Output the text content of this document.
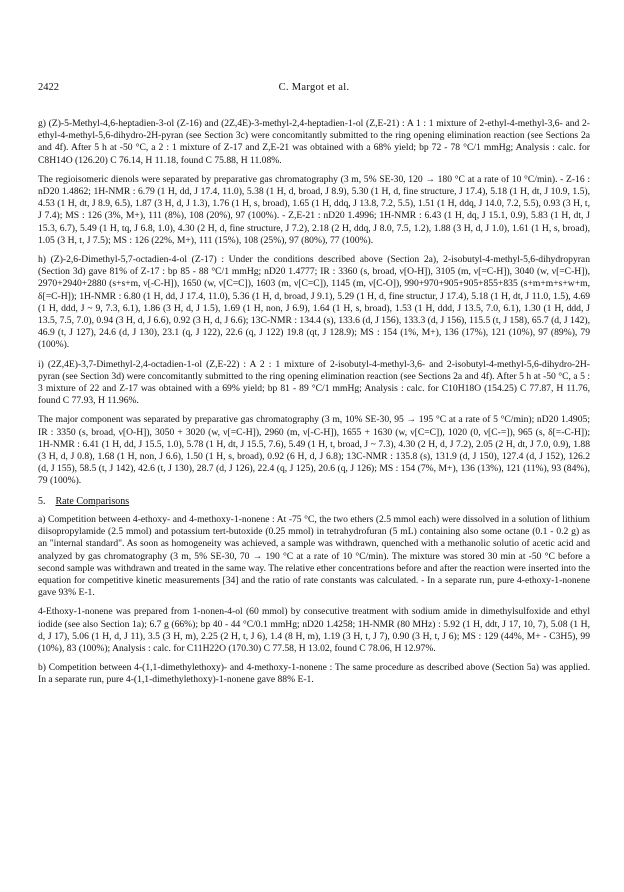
2422	C. Margot et al.

g) (Z)-5-Methyl-4,6-heptadien-3-ol (Z-16) and (2Z,4E)-3-methyl-2,4-heptadien-1-ol (Z,E-21) : A 1 : 1 mixture of 2-ethyl-4-methyl-3,6- and 2-ethyl-4-methyl-5,6-dihydro-2H-pyran (see Section 3c) were concomitantly submitted to the ring opening elimination reaction (see Sections 2a and 4f). After 5 h at -50 °C, a 2 : 1 mixture of Z-17 and Z,E-21 was obtained with a 68% yield; bp 72 - 78 °C/1 mmHg; Analysis : calc. for C8H14O (126.20) C 76.14, H 11.18, found C 75.88, H 11.08%.

The regioisomeric dienols were separated by preparative gas chromatography (3 m, 5% SE-30, 120 → 180 °C at a rate of 10 °C/min). - Z-16 : nD20 1.4862; 1H-NMR : 6.79 (1 H, dd, J 17.4, 11.0), 5.38 (1 H, d, broad, J 8.9), 5.30 (1 H, d, fine structure, J 17.4), 5.18 (1 H, dt, J 10.9, 1.5), 4.53 (1 H, dt, J 8.9, 6.5), 1.87 (3 H, d, J 1.3), 1.76 (1 H, s, broad), 1.65 (1 H, ddq, J 13.8, 7.2, 5.5), 1.51 (1 H, ddq, J 14.0, 7.2, 5.5), 0.93 (3 H, t, J 7.4); MS : 126 (3%, M+), 111 (8%), 108 (20%), 97 (100%). - Z,E-21 : nD20 1.4996; 1H-NMR : 6.43 (1 H, dq, J 15.1, 0.9), 5.83 (1 H, dt, J 15.3, 6.7), 5.49 (1 H, tq, J 6.8, 1.0), 4.30 (2 H, d, fine structure, J 7.2), 2.18 (2 H, ddq, J 8.0, 7.5, 1.2), 1.88 (3 H, d, J 1.0), 1.61 (1 H, s, broad), 1.05 (3 H, t, J 7.5); MS : 126 (22%, M+), 111 (15%), 108 (25%), 97 (80%), 77 (100%).

h) (Z)-2,6-Dimethyl-5,7-octadien-4-ol (Z-17) : Under the conditions described above (Section 2a), 2-isobutyl-4-methyl-5,6-dihydropyran (Section 3d) gave 81% of Z-17 : bp 85 - 88 °C/1 mmHg; nD20 1.4777; IR : 3360 (s, broad, ν[O-H]), 3105 (m, ν[=C-H]), 3040 (w, ν[=C-H]), 2970+2940+2880 (s+s+m, ν[-C-H]), 1650 (w, ν[C=C]), 1603 (m, ν[C=C]), 1145 (m, ν[C-O]), 990+970+905+905+855+835 (s+m+m+s+w+m, δ[=C-H]); 1H-NMR : 6.80 (1 H, dd, J 17.4, 11.0), 5.36 (1 H, d, broad, J 9.1), 5.29 (1 H, d, fine structur, J 17.4), 5.18 (1 H, dt, J 11.0, 1.5), 4.69 (1 H, ddd, J ~ 9, 7.3, 6.1), 1.86 (3 H, d, J 1.5), 1.69 (1 H, non, J 6.9), 1.64 (1 H, s, broad), 1.53 (1 H, ddd, J 13.5, 7.0, 6.1), 1.30 (1 H, ddd, J 13.5, 7.5, 7.0), 0.94 (3 H, d, J 6.6), 0.92 (3 H, d, J 6.6); 13C-NMR : 134.4 (s), 133.6 (d, J 156), 133.3 (d, J 156), 115.5 (t, J 158), 65.7 (d, J 142), 46.9 (t, J 127), 24.6 (d, J 130), 23.1 (q, J 122), 22.6 (q, J 122) 19.8 (qt, J 128.9); MS : 154 (1%, M+), 136 (17%), 121 (10%), 97 (89%), 79 (100%).

i) (2Z,4E)-3,7-Dimethyl-2,4-octadien-1-ol (Z,E-22) : A 2 : 1 mixture of 2-isobutyl-4-methyl-3,6- and 2-isobutyl-4-methyl-5,6-dihydro-2H-pyran (see Section 3d) were concomitantly submitted to the ring opening elimination reaction (see Sections 2a and 4f). After 5 h at -50 °C, a 5 : 3 mixture of 22 and Z-17 was obtained with a 69% yield; bp 81 - 89 °C/1 mmHg; Analysis : calc. for C10H18O (154.25) C 77.87, H 11.76, found C 77.93, H 11.96%.

The major component was separated by preparative gas chromatography (3 m, 10% SE-30, 95 → 195 °C at a rate of 5 °C/min); nD20 1.4905; IR : 3350 (s, broad, ν[O-H]), 3050 + 3020 (w, ν[=C-H]), 2960 (m, ν[-C-H]), 1655 + 1630 (w, ν[C=C]), 1020 (0, ν[C-=]), 965 (s, δ[=-C-H]); 1H-NMR : 6.41 (1 H, dd, J 15.5, 1.0), 5.78 (1 H, dt, J 15.5, 7.6), 5.49 (1 H, t, broad, J ~ 7.3), 4.30 (2 H, d, J 7.2), 2.05 (2 H, dt, J 7.0, 0.9), 1.88 (3 H, d, J 0.8), 1.68 (1 H, non, J 6.6), 1.50 (1 H, s, broad), 0.92 (6 H, d, J 6.8); 13C-NMR : 135.8 (s), 131.9 (d, J 150), 127.4 (d, J 152), 126.2 (d, J 155), 58.5 (t, J 142), 42.6 (t, J 130), 28.7 (d, J 126), 22.4 (q, J 125), 20.6 (q, J 126); MS : 154 (7%, M+), 136 (13%), 121 (11%), 93 (84%), 79 (100%).

5. Rate Comparisons

a) Competition between 4-ethoxy- and 4-methoxy-1-nonene : At -75 °C, the two ethers (2.5 mmol each) were dissolved in a solution of lithium diisopropylamide (2.5 mmol) and potassium tert-butoxide (0.25 mmol) in tetrahydrofuran (5 mL) containing also some octane (0.1 - 0.2 g) as an "internal standard". As soon as homogeneity was achieved, a sample was withdrawn, quenched with a methanolic solutio of acetic acid and analyzed by gas chromatography (3 m, 5% SE-30, 70 → 190 °C at a rate of 10 °C/min). The mixture was stored 30 min at -50 °C before a second sample was withdrawn and treated in the same way. The relative ether concentrations before and after the reaction were inserted into the equation for competitive kinetic measurements [34] and the ratio of rate constants was calculated. - In a separate run, pure 4-ethoxy-1-nonene gave 93% E-1.

4-Ethoxy-1-nonene was prepared from 1-nonen-4-ol (60 mmol) by consecutive treatment with sodium amide in dimethylsulfoxide and ethyl iodide (see also Section 1a); 6.7 g (66%); bp 40 - 44 °C/0.1 mmHg; nD20 1.4258; 1H-NMR (80 MHz) : 5.92 (1 H, ddt, J 17, 10, 7), 5.08 (1 H, d, J 17), 5.06 (1 H, d, J 11), 3.5 (3 H, m), 2.25 (2 H, t, J 6), 1.4 (8 H, m), 1.19 (3 H, t, J 7), 0.90 (3 H, t, J 6); MS : 129 (44%, M+ - C3H5), 99 (10%), 83 (100%); Analysis : calc. for C11H22O (170.30) C 77.58, H 13.02, found C 78.06, H 12.97%.

b) Competition between 4-(1,1-dimethylethoxy)- and 4-methoxy-1-nonene : The same procedure as described above (Section 5a) was applied. In a separate run, pure 4-(1,1-dimethylethoxy)-1-nonene gave 88% E-1.
